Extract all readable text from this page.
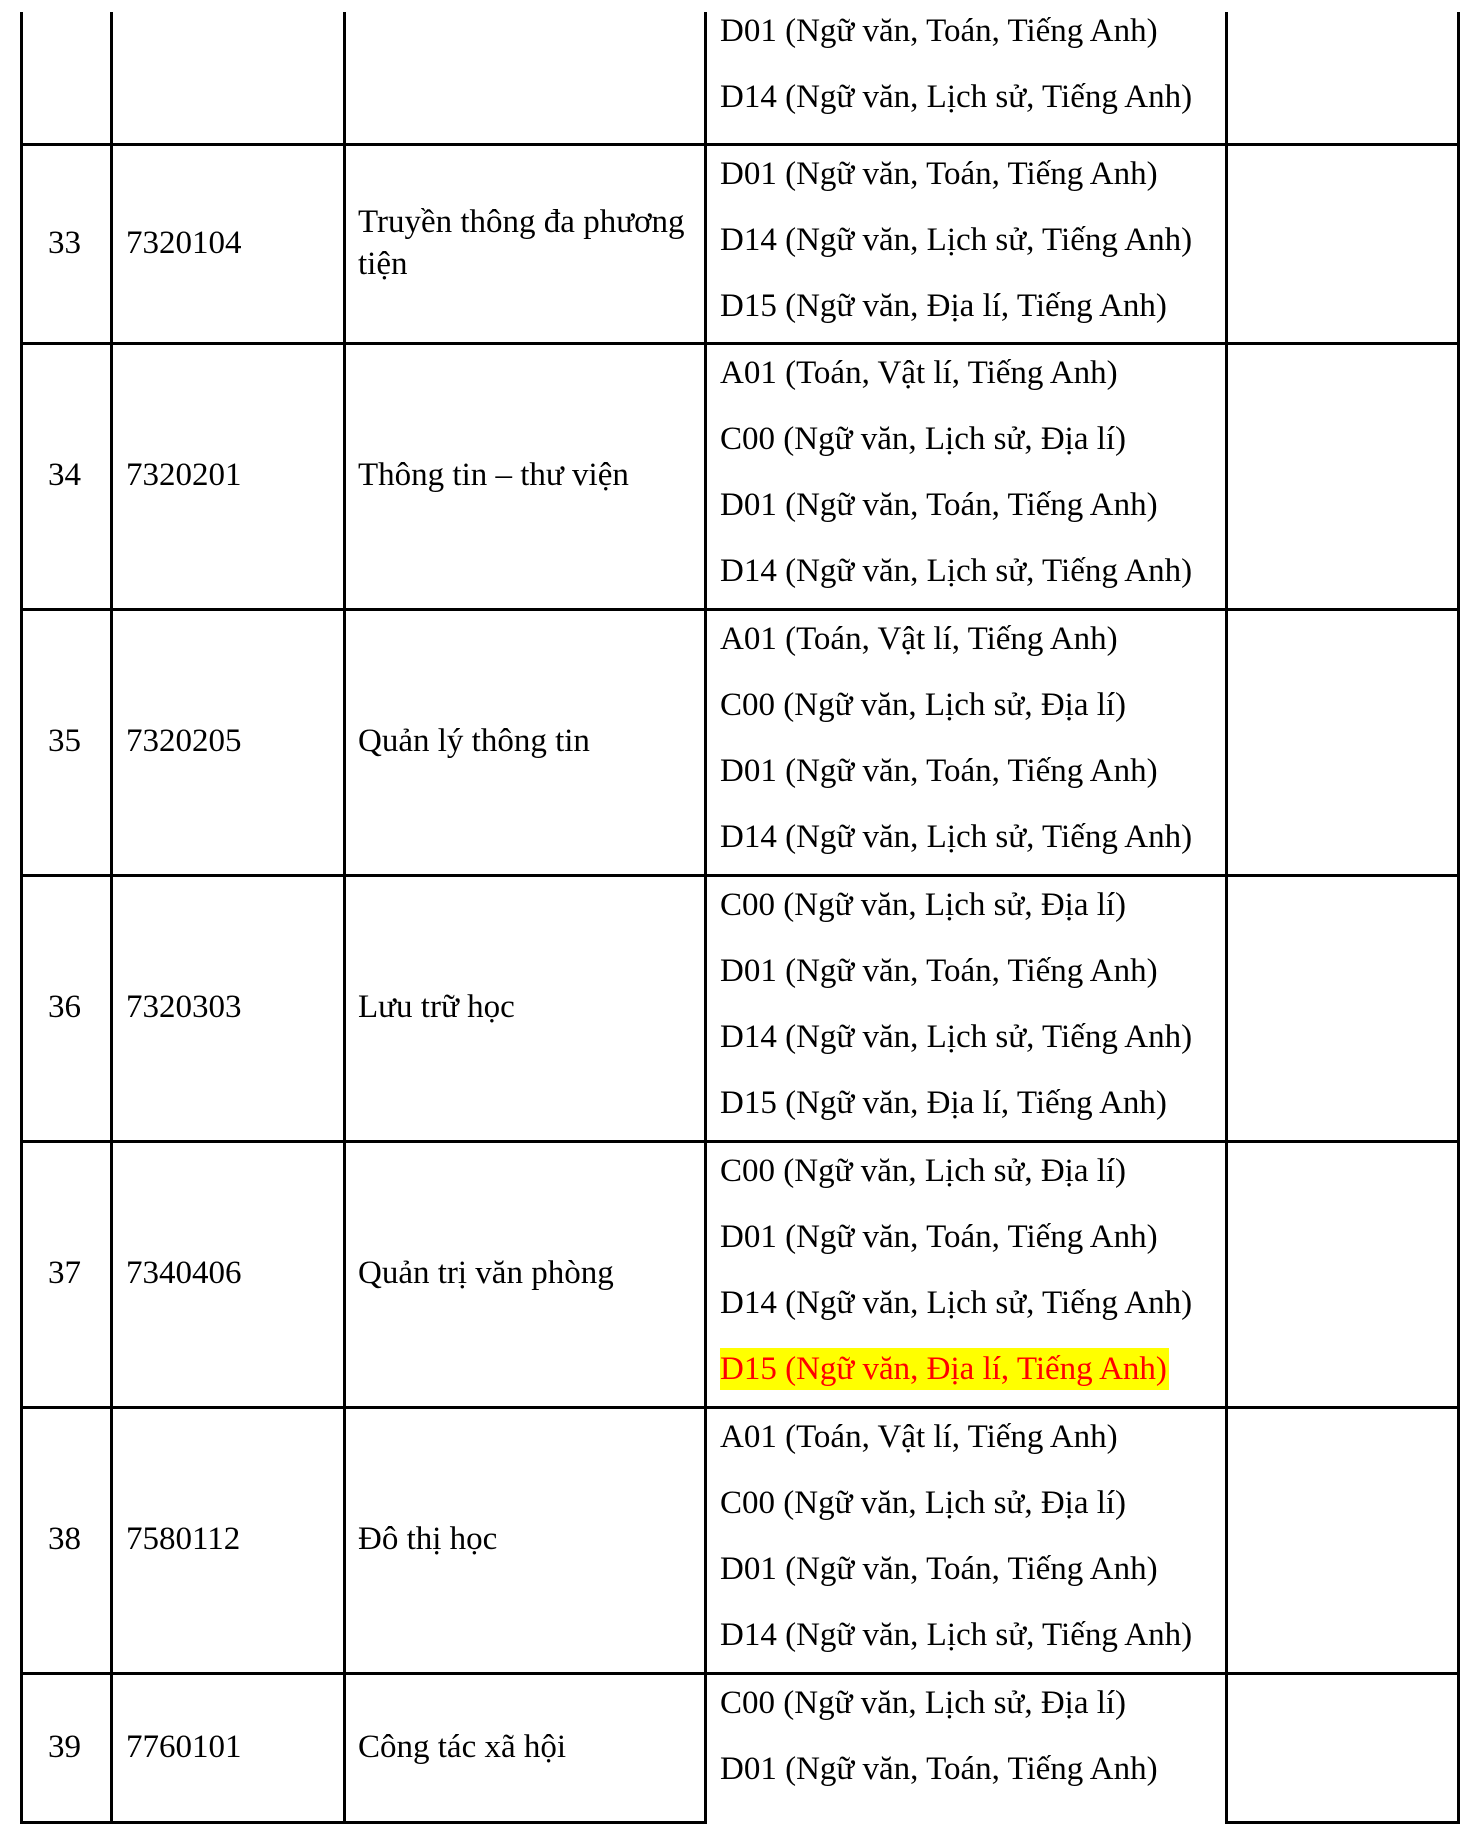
D01 (Ngữ văn, Toán, Tiếng Anh)
D14 (Ngữ văn, Lịch sử, Tiếng Anh)
33 7320104
Truyền thông đa phương tiện
D01 (Ngữ văn, Toán, Tiếng Anh)
D14 (Ngữ văn, Lịch sử, Tiếng Anh)
D15 (Ngữ văn, Địa lí, Tiếng Anh)
34 7320201	Thông tin – thư viện
A01 (Toán, Vật lí, Tiếng Anh)
C00 (Ngữ văn, Lịch sử, Địa lí)
D01 (Ngữ văn, Toán, Tiếng Anh)
D14 (Ngữ văn, Lịch sử, Tiếng Anh)
35 7320205	Quản lý thông tin
A01 (Toán, Vật lí, Tiếng Anh)
C00 (Ngữ văn, Lịch sử, Địa lí)
D01 (Ngữ văn, Toán, Tiếng Anh)
D14 (Ngữ văn, Lịch sử, Tiếng Anh)
36 7320303	Lưu trữ học
C00 (Ngữ văn, Lịch sử, Địa lí)
D01 (Ngữ văn, Toán, Tiếng Anh)
D14 (Ngữ văn, Lịch sử, Tiếng Anh)
D15 (Ngữ văn, Địa lí, Tiếng Anh)
37 7340406	Quản trị văn phòng
C00 (Ngữ văn, Lịch sử, Địa lí)
D01 (Ngữ văn, Toán, Tiếng Anh)
D14 (Ngữ văn, Lịch sử, Tiếng Anh)
D15 (Ngữ văn, Địa lí, Tiếng Anh)
38 7580112	Đô thị học
A01 (Toán, Vật lí, Tiếng Anh)
C00 (Ngữ văn, Lịch sử, Địa lí)
D01 (Ngữ văn, Toán, Tiếng Anh)
D14 (Ngữ văn, Lịch sử, Tiếng Anh)
39 7760101	Công tác xã hội
C00 (Ngữ văn, Lịch sử, Địa lí)
D01 (Ngữ văn, Toán, Tiếng Anh)
